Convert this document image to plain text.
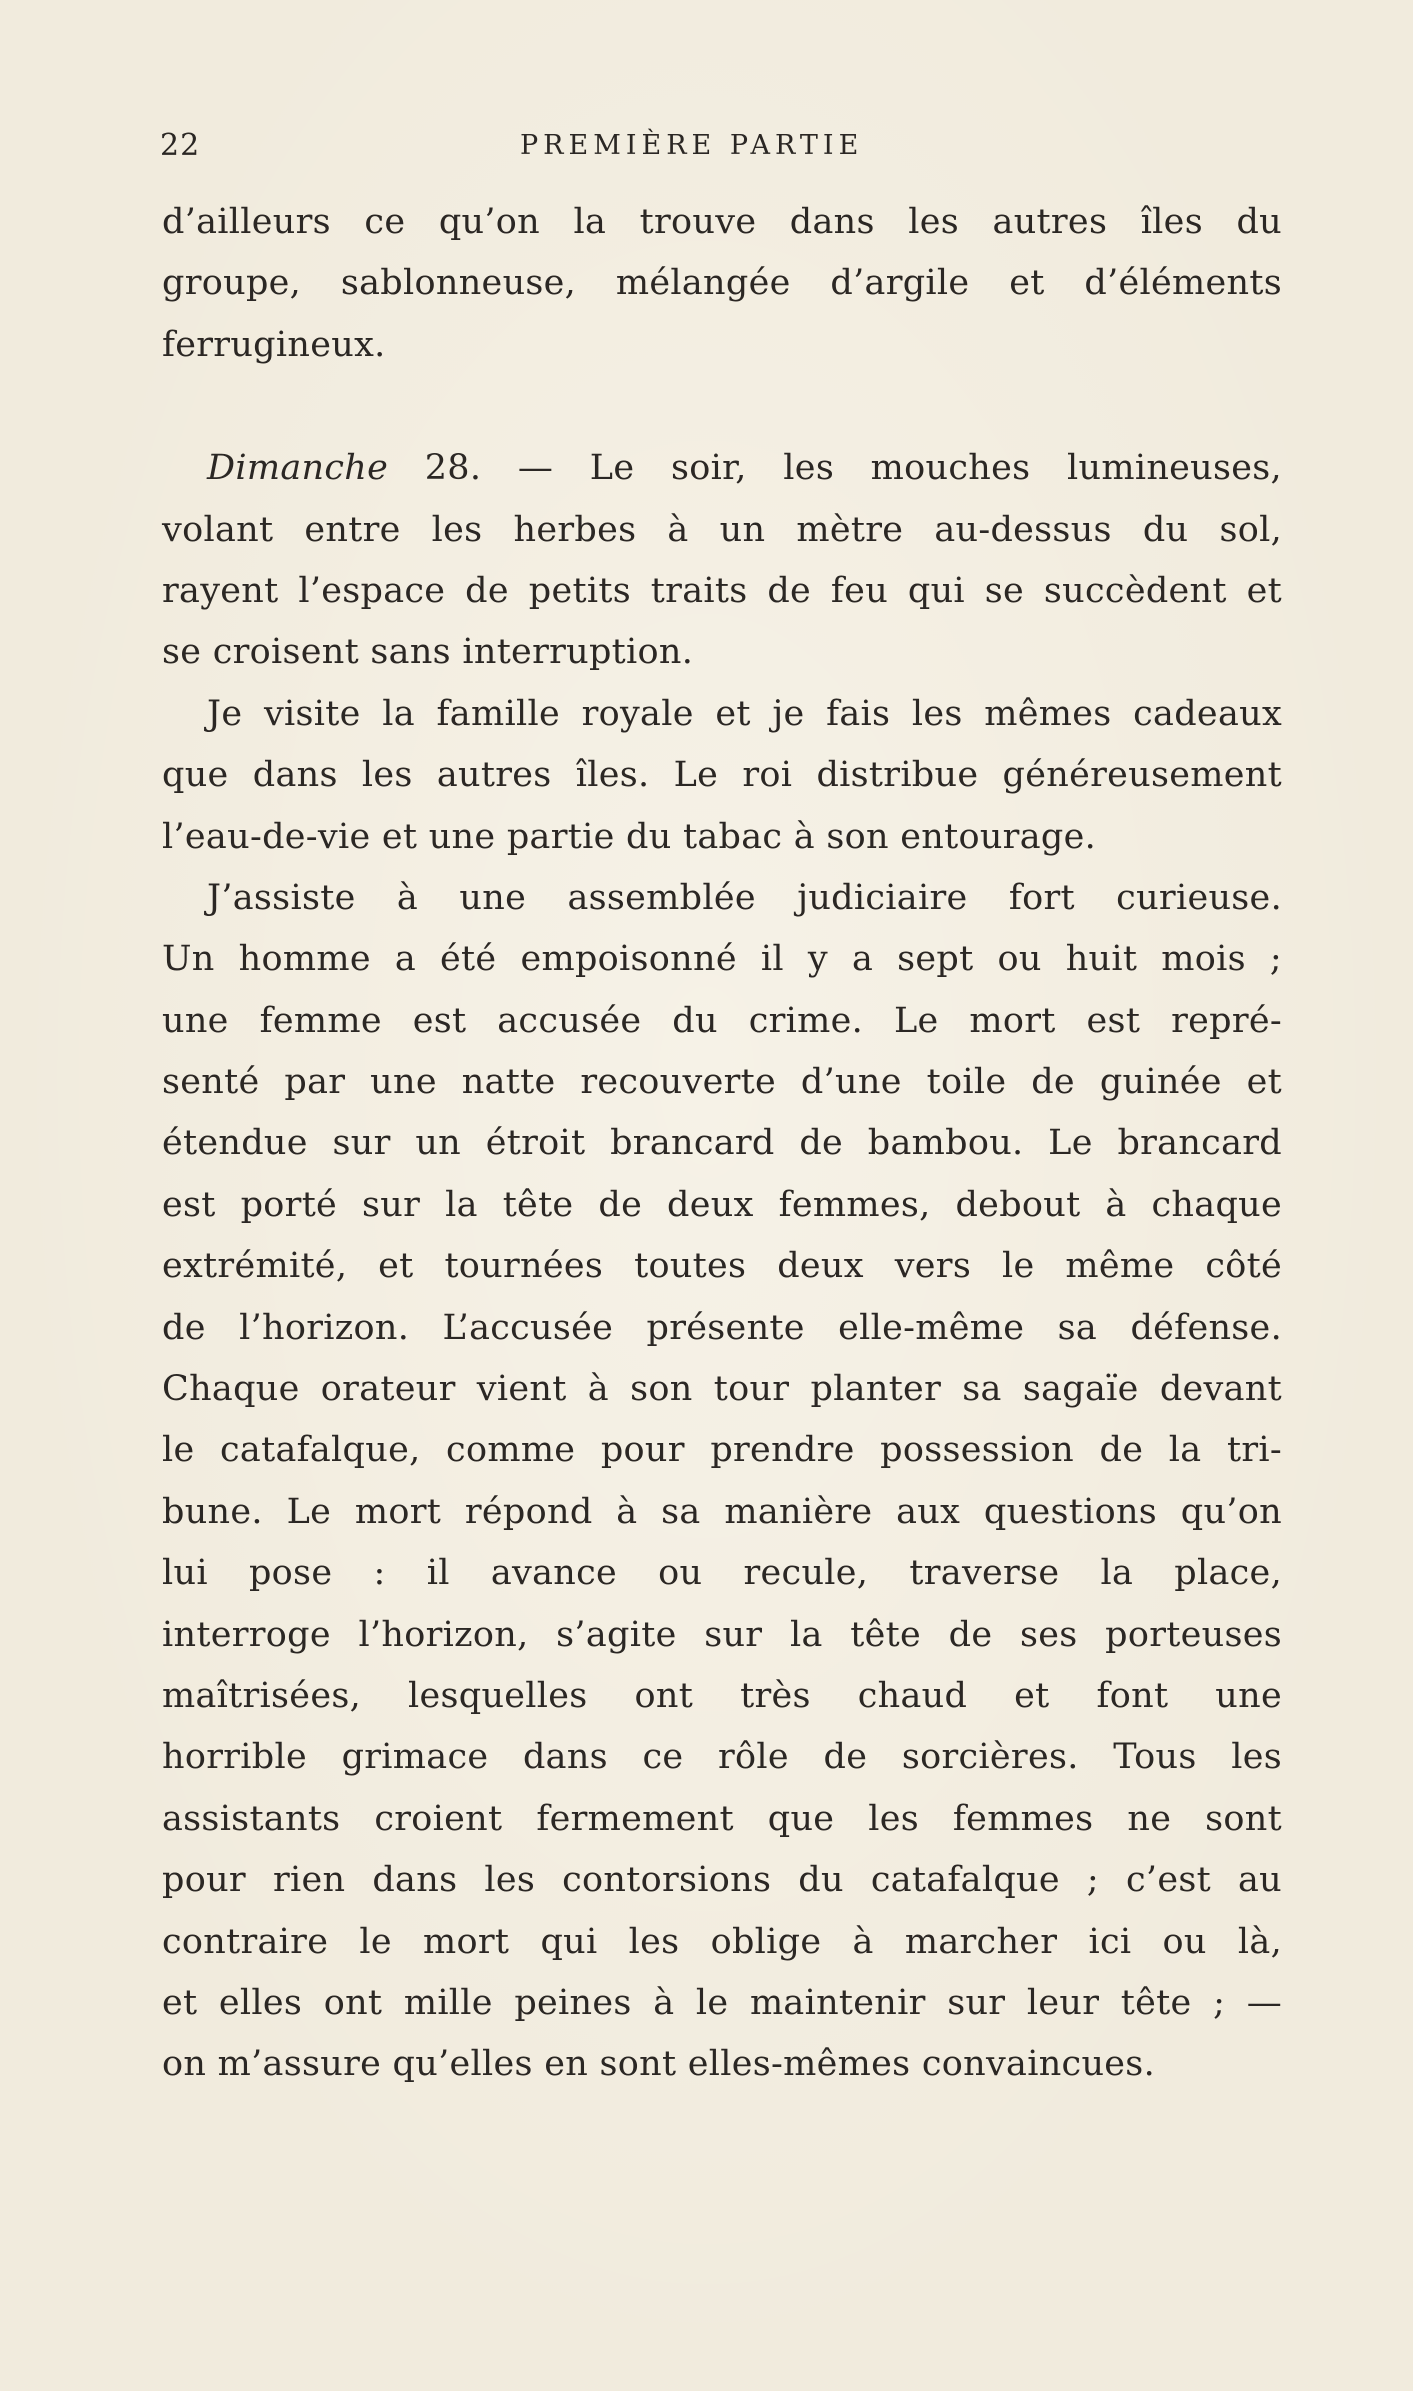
22	PREMIÈRE PARTIE
d’ailleurs ce qu’on la trouve dans les autres îles du
groupe, sablonneuse, mélangée d’argile et d’éléments
ferrugineux.
Dimanche 28. — Le soir, les mouches lumineuses,
volant entre les herbes à un mètre au-dessus du sol,
rayent l’espace de petits traits de feu qui se succèdent et
se croisent sans interruption.
Je visite la famille royale et je fais les mêmes cadeaux
que dans les autres îles. Le roi distribue généreusement
l’eau-de-vie et une partie du tabac à son entourage.
J’assiste à une assemblée judiciaire fort curieuse.
Un homme a été empoisonné il y a sept ou huit mois ;
une femme est accusée du crime. Le mort est repré-
senté par une natte recouverte d’une toile de guinée et
étendue sur un étroit brancard de bambou. Le brancard
est porté sur la tête de deux femmes, debout à chaque
extrémité, et tournées toutes deux vers le même côté
de l’horizon. L’accusée présente elle-même sa défense.
Chaque orateur vient à son tour planter sa sagaïe devant
le catafalque, comme pour prendre possession de la tri-
bune. Le mort répond à sa manière aux questions qu’on
lui pose : il avance ou recule, traverse la place,
interroge l’horizon, s’agite sur la tête de ses porteuses
maîtrisées, lesquelles ont très chaud et font une
horrible grimace dans ce rôle de sorcières. Tous les
assistants croient fermement que les femmes ne sont
pour rien dans les contorsions du catafalque ; c’est au
contraire le mort qui les oblige à marcher ici ou là,
et elles ont mille peines à le maintenir sur leur tête ; —
on m’assure qu’elles en sont elles-mêmes convaincues.
